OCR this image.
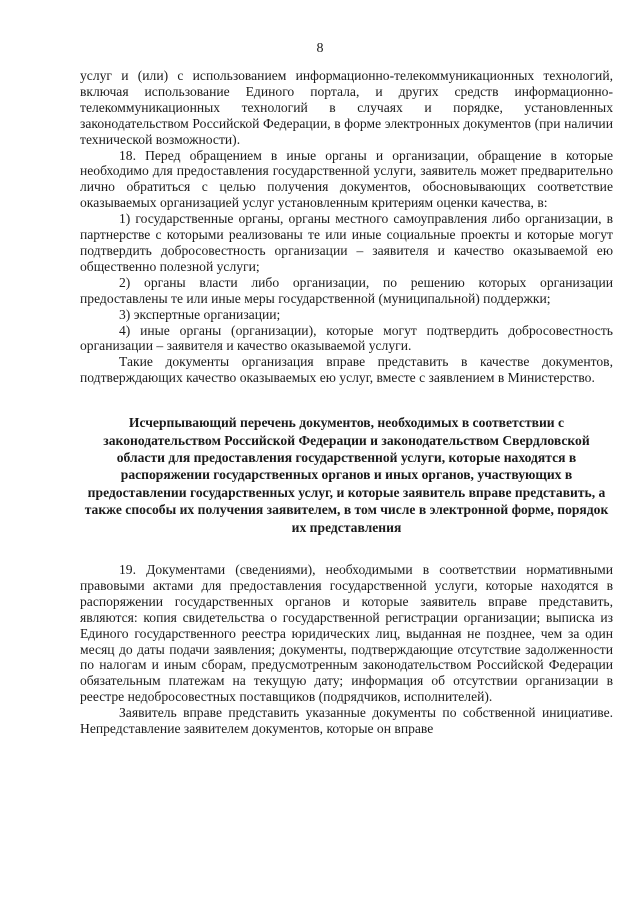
8

услуг и (или) с использованием информационно-телекоммуникационных технологий, включая использование Единого портала, и других средств информационно-телекоммуникационных технологий в случаях и порядке, установленных законодательством Российской Федерации, в форме электронных документов (при наличии технической возможности).

18. Перед обращением в иные органы и организации, обращение в которые необходимо для предоставления государственной услуги, заявитель может предварительно лично обратиться с целью получения документов, обосновывающих соответствие оказываемых организацией услуг установленным критериям оценки качества, в:

1) государственные органы, органы местного самоуправления либо организации, в партнерстве с которыми реализованы те или иные социальные проекты и которые могут подтвердить добросовестность организации – заявителя и качество оказываемой ею общественно полезной услуги;

2) органы власти либо организации, по решению которых организации предоставлены те или иные меры государственной (муниципальной) поддержки;

3) экспертные организации;

4) иные органы (организации), которые могут подтвердить добросовестность организации – заявителя и качество оказываемой услуги.

Такие документы организация вправе представить в качестве документов, подтверждающих качество оказываемых ею услуг, вместе с заявлением в Министерство.

Исчерпывающий перечень документов, необходимых в соответствии с законодательством Российской Федерации и законодательством Свердловской области для предоставления государственной услуги, которые находятся в распоряжении государственных органов и иных органов, участвующих в предоставлении государственных услуг, и которые заявитель вправе представить, а также способы их получения заявителем, в том числе в электронной форме, порядок их представления

19. Документами (сведениями), необходимыми в соответствии нормативными правовыми актами для предоставления государственной услуги, которые находятся в распоряжении государственных органов и которые заявитель вправе представить, являются: копия свидетельства о государственной регистрации организации; выписка из Единого государственного реестра юридических лиц, выданная не позднее, чем за один месяц до даты подачи заявления; документы, подтверждающие отсутствие задолженности по налогам и иным сборам, предусмотренным законодательством Российской Федерации обязательным платежам на текущую дату; информация об отсутствии организации в реестре недобросовестных поставщиков (подрядчиков, исполнителей).

Заявитель вправе представить указанные документы по собственной инициативе. Непредставление заявителем документов, которые он вправе
